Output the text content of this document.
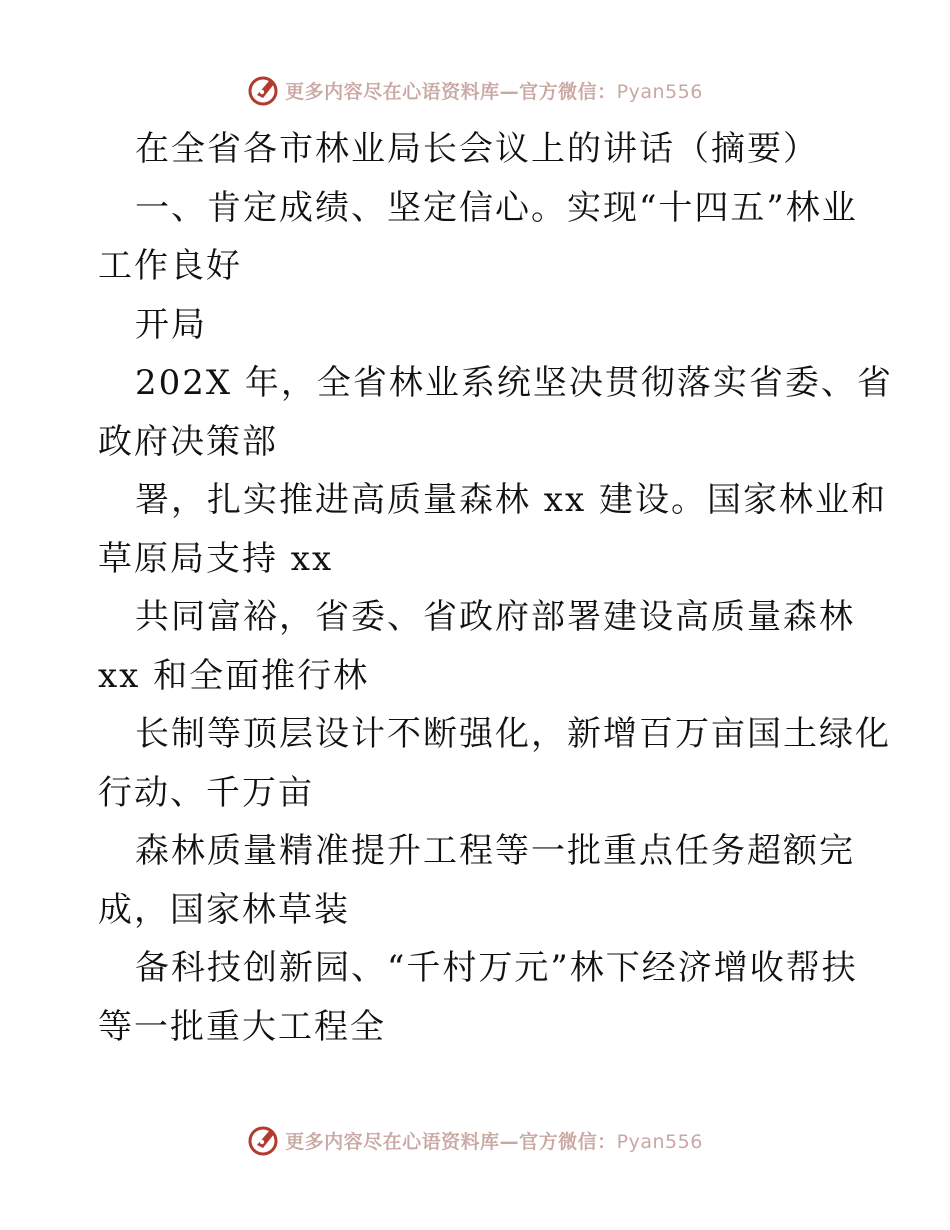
更多内容尽在心语资料库—官方微信：Pyan556
在全省各市林业局长会议上的讲话（摘要）
一、肯定成绩、坚定信心。实现“十四五”林业
工作良好
开局
202X 年，全省林业系统坚决贯彻落实省委、省
政府决策部
署，扎实推进高质量森林 xx 建设。国家林业和
草原局支持 xx
共同富裕，省委、省政府部署建设高质量森林
xx 和全面推行林
长制等顶层设计不断强化，新增百万亩国土绿化
行动、千万亩
森林质量精准提升工程等一批重点任务超额完
成，国家林草装
备科技创新园、“千村万元”林下经济增收帮扶
等一批重大工程全
更多内容尽在心语资料库—官方微信：Pyan556
